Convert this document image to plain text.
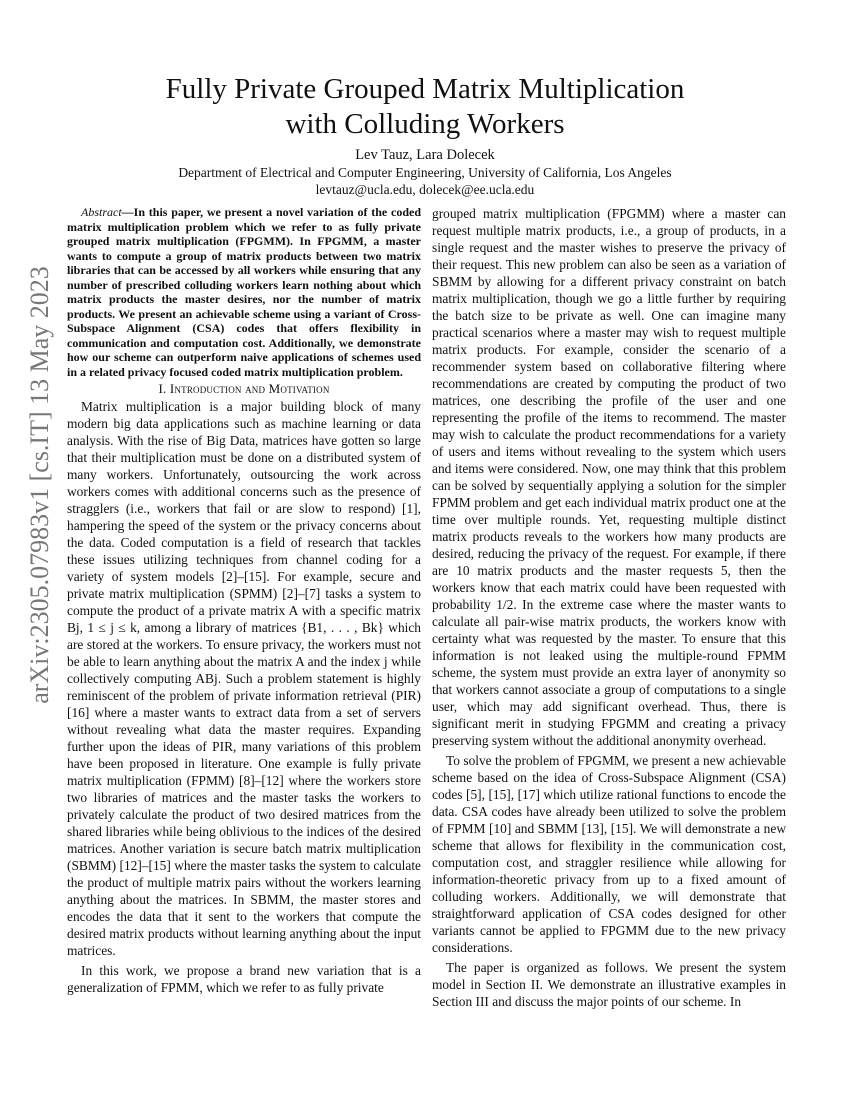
arXiv:2305.07983v1 [cs.IT] 13 May 2023
Fully Private Grouped Matrix Multiplication
with Colluding Workers
Lev Tauz, Lara Dolecek
Department of Electrical and Computer Engineering, University of California, Los Angeles
levtauz@ucla.edu, dolecek@ee.ucla.edu

Abstract—In this paper, we present a novel variation of the coded matrix multiplication problem which we refer to as fully private grouped matrix multiplication (FPGMM). In FPGMM, a master wants to compute a group of matrix products between two matrix libraries that can be accessed by all workers while ensuring that any number of prescribed colluding workers learn nothing about which matrix products the master desires, nor the number of matrix products. We present an achievable scheme using a variant of Cross-Subspace Alignment (CSA) codes that offers flexibility in communication and computation cost. Additionally, we demonstrate how our scheme can outperform naive applications of schemes used in a related privacy focused coded matrix multiplication problem.

I. Introduction and Motivation

Matrix multiplication is a major building block of many modern big data applications such as machine learning or data analysis. With the rise of Big Data, matrices have gotten so large that their multiplication must be done on a distributed system of many workers. Unfortunately, outsourcing the work across workers comes with additional concerns such as the presence of stragglers (i.e., workers that fail or are slow to respond) [1], hampering the speed of the system or the privacy concerns about the data. Coded computation is a field of research that tackles these issues utilizing techniques from channel coding for a variety of system models [2]–[15]. For example, secure and private matrix multiplication (SPMM) [2]–[7] tasks a system to compute the product of a private matrix A with a specific matrix Bj, 1 ≤ j ≤ k, among a library of matrices {B1, . . . , Bk} which are stored at the workers. To ensure privacy, the workers must not be able to learn anything about the matrix A and the index j while collectively computing ABj. Such a problem statement is highly reminiscent of the problem of private information retrieval (PIR) [16] where a master wants to extract data from a set of servers without revealing what data the master requires. Expanding further upon the ideas of PIR, many variations of this problem have been proposed in literature. One example is fully private matrix multiplication (FPMM) [8]–[12] where the workers store two libraries of matrices and the master tasks the workers to privately calculate the product of two desired matrices from the shared libraries while being oblivious to the indices of the desired matrices. Another variation is secure batch matrix multiplication (SBMM) [12]–[15] where the master tasks the system to calculate the product of multiple matrix pairs without the workers learning anything about the matrices. In SBMM, the master stores and encodes the data that it sent to the workers that compute the desired matrix products without learning anything about the input matrices.

In this work, we propose a brand new variation that is a generalization of FPMM, which we refer to as fully private

grouped matrix multiplication (FPGMM) where a master can request multiple matrix products, i.e., a group of products, in a single request and the master wishes to preserve the privacy of their request. This new problem can also be seen as a variation of SBMM by allowing for a different privacy constraint on batch matrix multiplication, though we go a little further by requiring the batch size to be private as well. One can imagine many practical scenarios where a master may wish to request multiple matrix products. For example, consider the scenario of a recommender system based on collaborative filtering where recommendations are created by computing the product of two matrices, one describing the profile of the user and one representing the profile of the items to recommend. The master may wish to calculate the product recommendations for a variety of users and items without revealing to the system which users and items were considered. Now, one may think that this problem can be solved by sequentially applying a solution for the simpler FPMM problem and get each individual matrix product one at the time over multiple rounds. Yet, requesting multiple distinct matrix products reveals to the workers how many products are desired, reducing the privacy of the request. For example, if there are 10 matrix products and the master requests 5, then the workers know that each matrix could have been requested with probability 1/2. In the extreme case where the master wants to calculate all pair-wise matrix products, the workers know with certainty what was requested by the master. To ensure that this information is not leaked using the multiple-round FPMM scheme, the system must provide an extra layer of anonymity so that workers cannot associate a group of computations to a single user, which may add significant overhead. Thus, there is significant merit in studying FPGMM and creating a privacy preserving system without the additional anonymity overhead.

To solve the problem of FPGMM, we present a new achievable scheme based on the idea of Cross-Subspace Alignment (CSA) codes [5], [15], [17] which utilize rational functions to encode the data. CSA codes have already been utilized to solve the problem of FPMM [10] and SBMM [13], [15]. We will demonstrate a new scheme that allows for flexibility in the communication cost, computation cost, and straggler resilience while allowing for information-theoretic privacy from up to a fixed amount of colluding workers. Additionally, we will demonstrate that straightforward application of CSA codes designed for other variants cannot be applied to FPGMM due to the new privacy considerations.

The paper is organized as follows. We present the system model in Section II. We demonstrate an illustrative examples in Section III and discuss the major points of our scheme. In
